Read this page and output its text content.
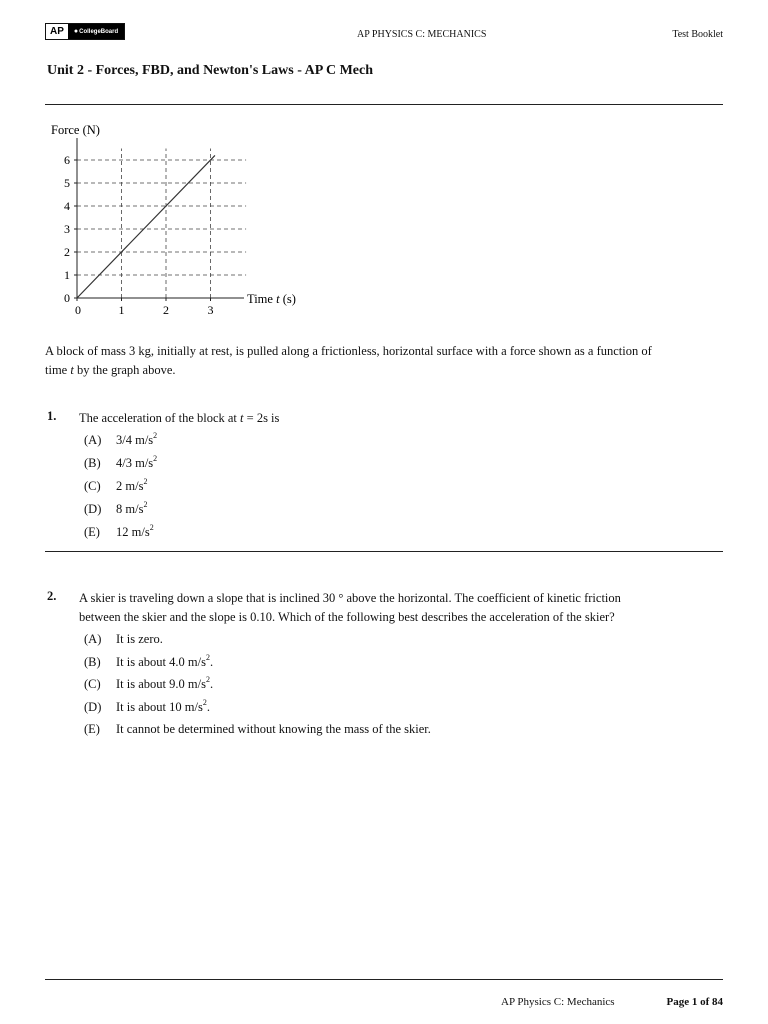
AP	● CollegeBoard	AP PHYSICS C: MECHANICS	Test Booklet
Unit 2 - Forces, FBD, and Newton's Laws - AP C Mech
0
1
2
3
4
5
6
0	1	2	3
Force (N)
Time t (s)
A block of mass 3 kg, initially at rest, is pulled along a frictionless, horizontal surface with a force shown as a function of
time t by the graph above.
1. The acceleration of the block at t = 2s is
(A)	3/4 $m/s^2$
(B)	4/3 $m/s^2$
(C)	2 $m/s^2$
(D)	8 $m/s^2$
(E)	12 $m/s^2$
2. A skier is traveling down a slope that is inclined 30 ° above the horizontal. The coefficient of kinetic friction
between the skier and the slope is 0.10. Which of the following best describes the acceleration of the skier?
(A)	It is zero.
(B)	It is about 4.0 $m/s^2$.
(C)	It is about 9.0 $m/s^2$.
(D)	It is about 10 $m/s^2$.
(E)	It cannot be determined without knowing the mass of the skier.
AP Physics C: Mechanics	Page 1 of 84
